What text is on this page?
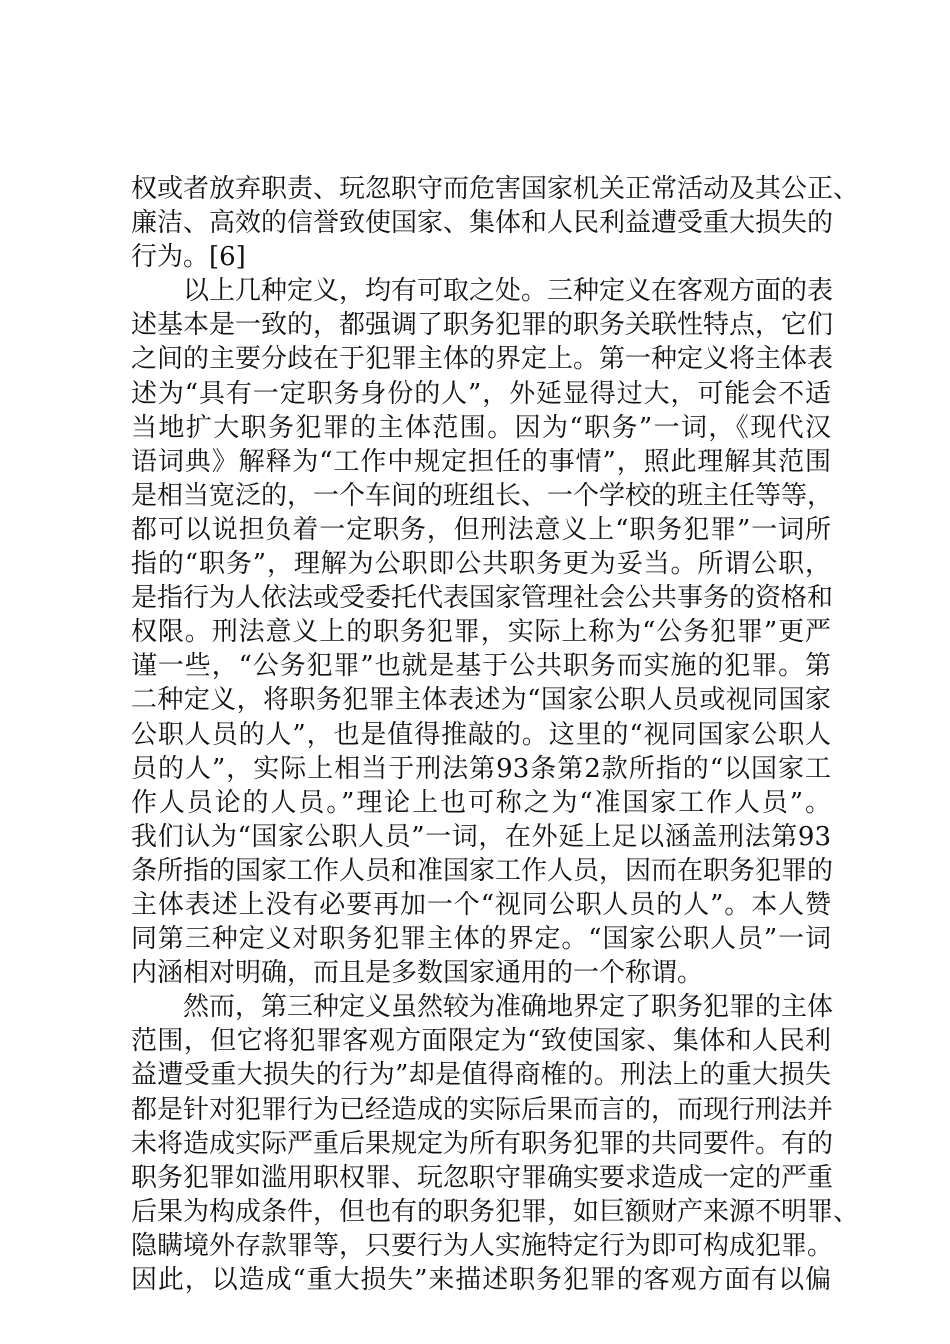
权或者放弃职责、玩忽职守而危害国家机关正常活动及其公正、
廉洁、高效的信誉致使国家、集体和人民利益遭受重大损失的
行为。[6]
　　以上几种定义，均有可取之处。三种定义在客观方面的表
述基本是一致的，都强调了职务犯罪的职务关联性特点，它们
之间的主要分歧在于犯罪主体的界定上。第一种定义将主体表
述为“具有一定职务身份的人”，外延显得过大，可能会不适
当地扩大职务犯罪的主体范围。因为“职务”一词，《现代汉
语词典》解释为“工作中规定担任的事情”，照此理解其范围
是相当宽泛的，一个车间的班组长、一个学校的班主任等等，
都可以说担负着一定职务，但刑法意义上“职务犯罪”一词所
指的“职务”，理解为公职即公共职务更为妥当。所谓公职，
是指行为人依法或受委托代表国家管理社会公共事务的资格和
权限。刑法意义上的职务犯罪，实际上称为“公务犯罪”更严
谨一些，“公务犯罪”也就是基于公共职务而实施的犯罪。第
二种定义，将职务犯罪主体表述为“国家公职人员或视同国家
公职人员的人”，也是值得推敲的。这里的“视同国家公职人
员的人”，实际上相当于刑法第93条第2款所指的“以国家工
作人员论的人员。”理论上也可称之为“准国家工作人员”。
我们认为“国家公职人员”一词，在外延上足以涵盖刑法第93
条所指的国家工作人员和准国家工作人员，因而在职务犯罪的
主体表述上没有必要再加一个“视同公职人员的人”。本人赞
同第三种定义对职务犯罪主体的界定。“国家公职人员”一词
内涵相对明确，而且是多数国家通用的一个称谓。
　　然而，第三种定义虽然较为准确地界定了职务犯罪的主体
范围，但它将犯罪客观方面限定为“致使国家、集体和人民利
益遭受重大损失的行为”却是值得商榷的。刑法上的重大损失
都是针对犯罪行为已经造成的实际后果而言的，而现行刑法并
未将造成实际严重后果规定为所有职务犯罪的共同要件。有的
职务犯罪如滥用职权罪、玩忽职守罪确实要求造成一定的严重
后果为构成条件，但也有的职务犯罪，如巨额财产来源不明罪、
隐瞒境外存款罪等，只要行为人实施特定行为即可构成犯罪。
因此，以造成“重大损失”来描述职务犯罪的客观方面有以偏
